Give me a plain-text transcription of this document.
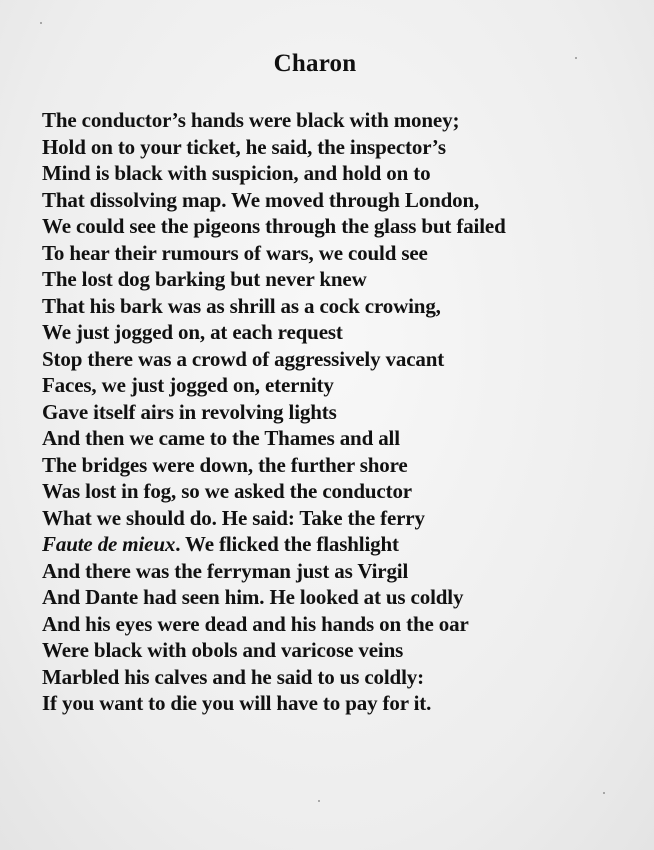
Charon
The conductor’s hands were black with money;
Hold on to your ticket, he said, the inspector’s
Mind is black with suspicion, and hold on to
That dissolving map. We moved through London,
We could see the pigeons through the glass but failed
To hear their rumours of wars, we could see
The lost dog barking but never knew
That his bark was as shrill as a cock crowing,
We just jogged on, at each request
Stop there was a crowd of aggressively vacant
Faces, we just jogged on, eternity
Gave itself airs in revolving lights
And then we came to the Thames and all
The bridges were down, the further shore
Was lost in fog, so we asked the conductor
What we should do. He said: Take the ferry
Faute de mieux. We flicked the flashlight
And there was the ferryman just as Virgil
And Dante had seen him. He looked at us coldly
And his eyes were dead and his hands on the oar
Were black with obols and varicose veins
Marbled his calves and he said to us coldly:
If you want to die you will have to pay for it.
